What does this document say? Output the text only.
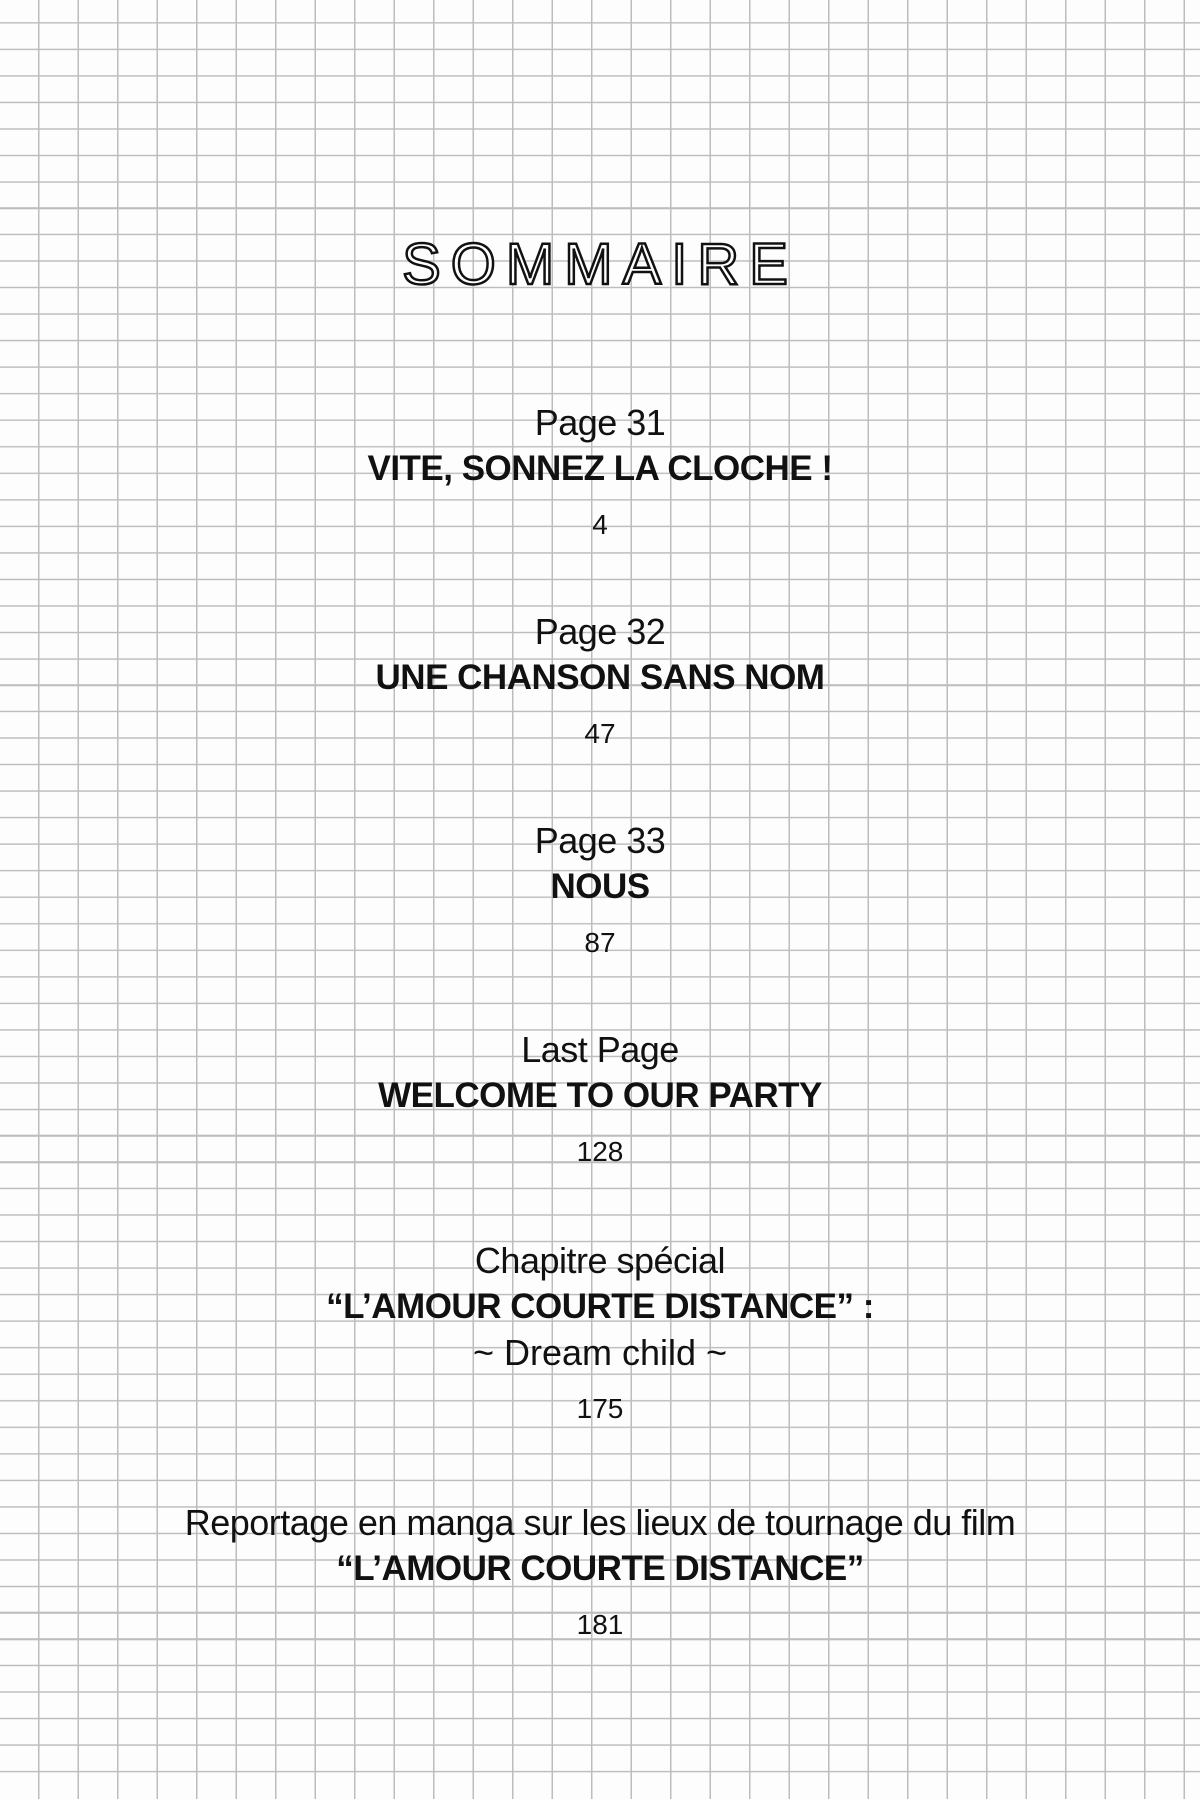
SOMMAIRE
Page 31
VITE, SONNEZ LA CLOCHE !
4
Page 32
UNE CHANSON SANS NOM
47
Page 33
NOUS
87
Last Page
WELCOME TO OUR PARTY
128
Chapitre spécial
“L’AMOUR COURTE DISTANCE” :
~ Dream child ~
175
Reportage en manga sur les lieux de tournage du film
“L’AMOUR COURTE DISTANCE”
181
